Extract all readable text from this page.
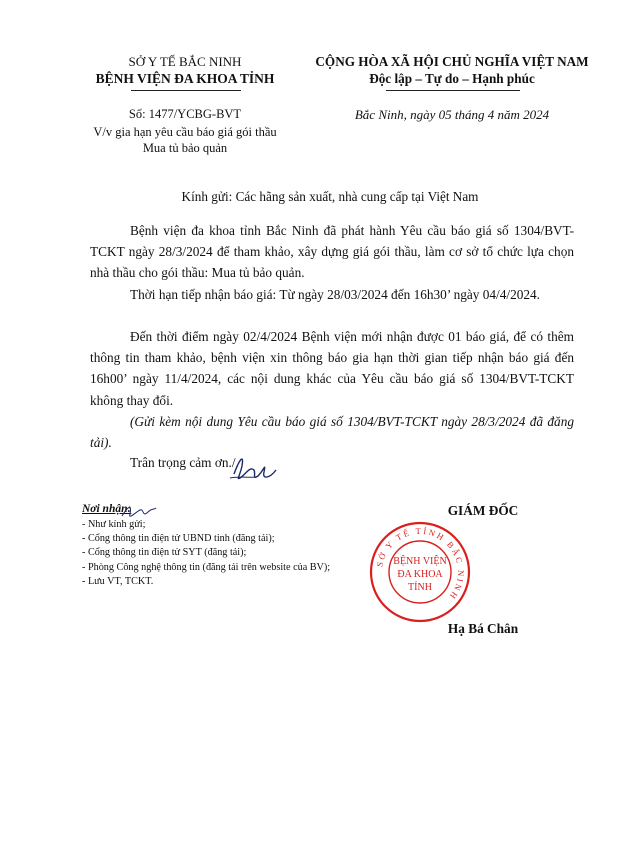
SỞ Y TẾ BẮC NINH
BỆNH VIỆN ĐA KHOA TỈNH
CỘNG HÒA XÃ HỘI CHỦ NGHĨA VIỆT NAM
Độc lập – Tự do – Hạnh phúc
Số: 1477/YCBG-BVT
V/v gia hạn yêu cầu báo giá gói thầu
Mua tủ bảo quản
Bắc Ninh, ngày 05 tháng 4 năm 2024
Kính gửi: Các hãng sản xuất, nhà cung cấp tại Việt Nam
Bệnh viện đa khoa tỉnh Bắc Ninh đã phát hành Yêu cầu báo giá số 1304/BVT-TCKT ngày 28/3/2024 để tham khảo, xây dựng giá gói thầu, làm cơ sở tổ chức lựa chọn nhà thầu cho gói thầu: Mua tủ bảo quản.
Thời hạn tiếp nhận báo giá: Từ ngày 28/03/2024 đến 16h30’ ngày 04/4/2024.
Đến thời điểm ngày 02/4/2024 Bệnh viện mới nhận được 01 báo giá, để có thêm thông tin tham khảo, bệnh viện xin thông báo gia hạn thời gian tiếp nhận báo giá đến 16h00’ ngày 11/4/2024, các nội dung khác của Yêu cầu báo giá số 1304/BVT-TCKT không thay đổi.
(Gửi kèm nội dung Yêu cầu báo giá số 1304/BVT-TCKT ngày 28/3/2024 đã đăng tải).
Trân trọng cảm ơn./.
Nơi nhận:
- Như kính gửi;
- Cổng thông tin điện tử UBND tỉnh (đăng tải);
- Cổng thông tin điện tử SYT (đăng tải);
- Phòng Công nghệ thông tin (đăng tải trên website của BV);
- Lưu VT, TCKT.
GIÁM ĐỐC
SỞ Y TẾ TỈNH BẮC NINH
BỆNH VIỆN
ĐA KHOA
TỈNH
Hạ Bá Chân
